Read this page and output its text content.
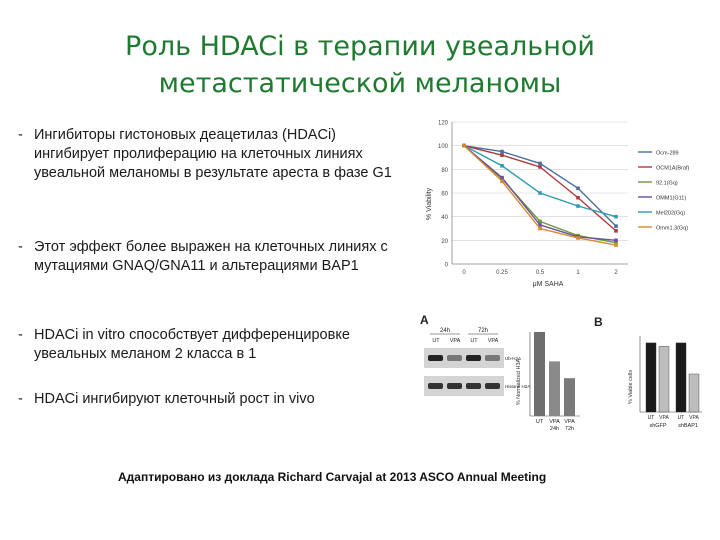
Роль HDACi в терапии увеальной
метастатической меланомы
- Ингибиторы гистоновых деацетилаз (HDACi) ингибирует пролиферацию на клеточных линиях увеальной меланомы в результате ареста в фазе G1
- Этот эффект более выражен на клеточных линиях с мутациями GNAQ/GNA11 и альтерациями BAP1
- HDACi in vitro способствует дифференцировке увеальных меланом 2 класса в 1
- HDACi ингибируют клеточный рост in vivo
0
20
40
60
80
100
120
0	0.25	0.5	1	2
Ocm-289
OCM1A(Braf)
92.1(Gq)
OMM1(G11)
Mel202(Gq)
Omm1.3(Gq)
% Viability
μM SAHA
A
24h	72h
UT VPA UT VPA
Ub-H2A
Histone H2A
UT VPA
24h
VPA
72h
% Normalized H3A
B
UT VPA UT VPA
shGFP shBAP1
% Viable cells
Адаптировано из доклада Richard Carvajal at 2013 ASCO Annual Meeting
